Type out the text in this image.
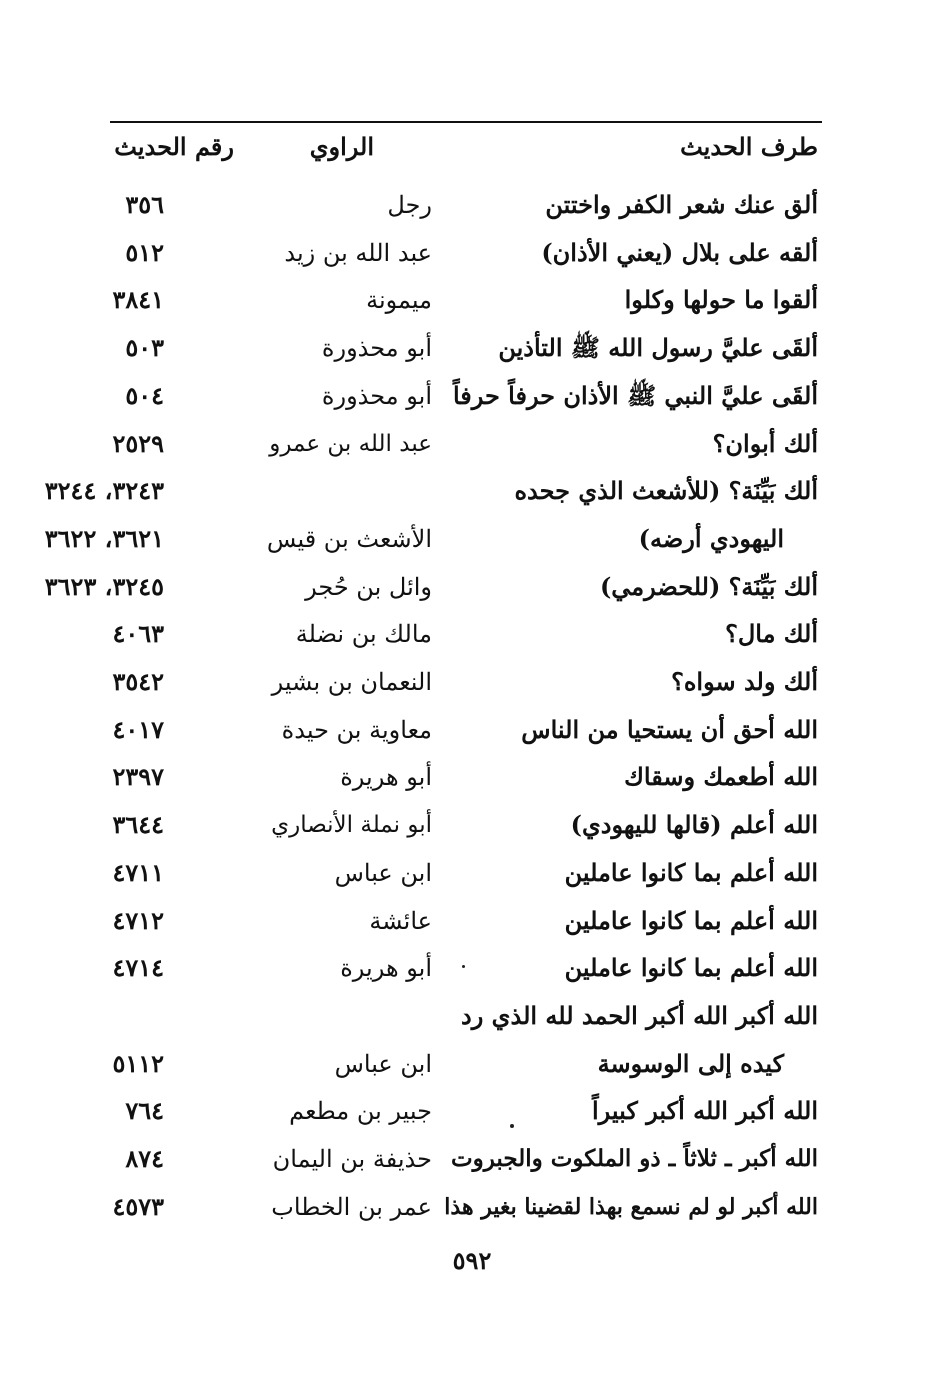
طرف الحديث
الراوي
رقم الحديث
ألق عنك شعر الكفر واختتن
رجل
٣٥٦
ألقه على بلال (يعني الأذان)
عبد الله بن زيد
٥١٢
ألقوا ما حولها وكلوا
ميمونة
٣٨٤١
ألقَى عليَّ رسول الله ﷺ التأذين
أبو محذورة
٥٠٣
ألقَى عليَّ النبي ﷺ الأذان حرفاً حرفاً
أبو محذورة
٥٠٤
ألك أبوان؟
عبد الله بن عمرو
٢٥٢٩
ألك بَيِّنَة؟ (للأشعث الذي جحده
٣٢٤٣، ٣٢٤٤
اليهودي أرضه)
الأشعث بن قيس
٣٦٢١، ٣٦٢٢
ألك بَيِّنَة؟ (للحضرمي)
وائل بن حُجر
٣٢٤٥، ٣٦٢٣
ألك مال؟
مالك بن نضلة
٤٠٦٣
ألك ولد سواه؟
النعمان بن بشير
٣٥٤٢
الله أحق أن يستحيا من الناس
معاوية بن حيدة
٤٠١٧
الله أطعمك وسقاك
أبو هريرة
٢٣٩٧
الله أعلم (قالها لليهودي)
أبو نملة الأنصاري
٣٦٤٤
الله أعلم بما كانوا عاملين
ابن عباس
٤٧١١
الله أعلم بما كانوا عاملين
عائشة
٤٧١٢
الله أعلم بما كانوا عاملين
أبو هريرة
٤٧١٤
الله أكبر الله أكبر الحمد لله الذي رد
كيده إلى الوسوسة
ابن عباس
٥١١٢
الله أكبر الله أكبر كبيراً
جبير بن مطعم
٧٦٤
الله أكبر ـ ثلاثاً ـ ذو الملكوت والجبروت
حذيفة بن اليمان
٨٧٤
الله أكبر لو لم نسمع بهذا لقضينا بغير هذا
عمر بن الخطاب
٤٥٧٣
٥٩٢
